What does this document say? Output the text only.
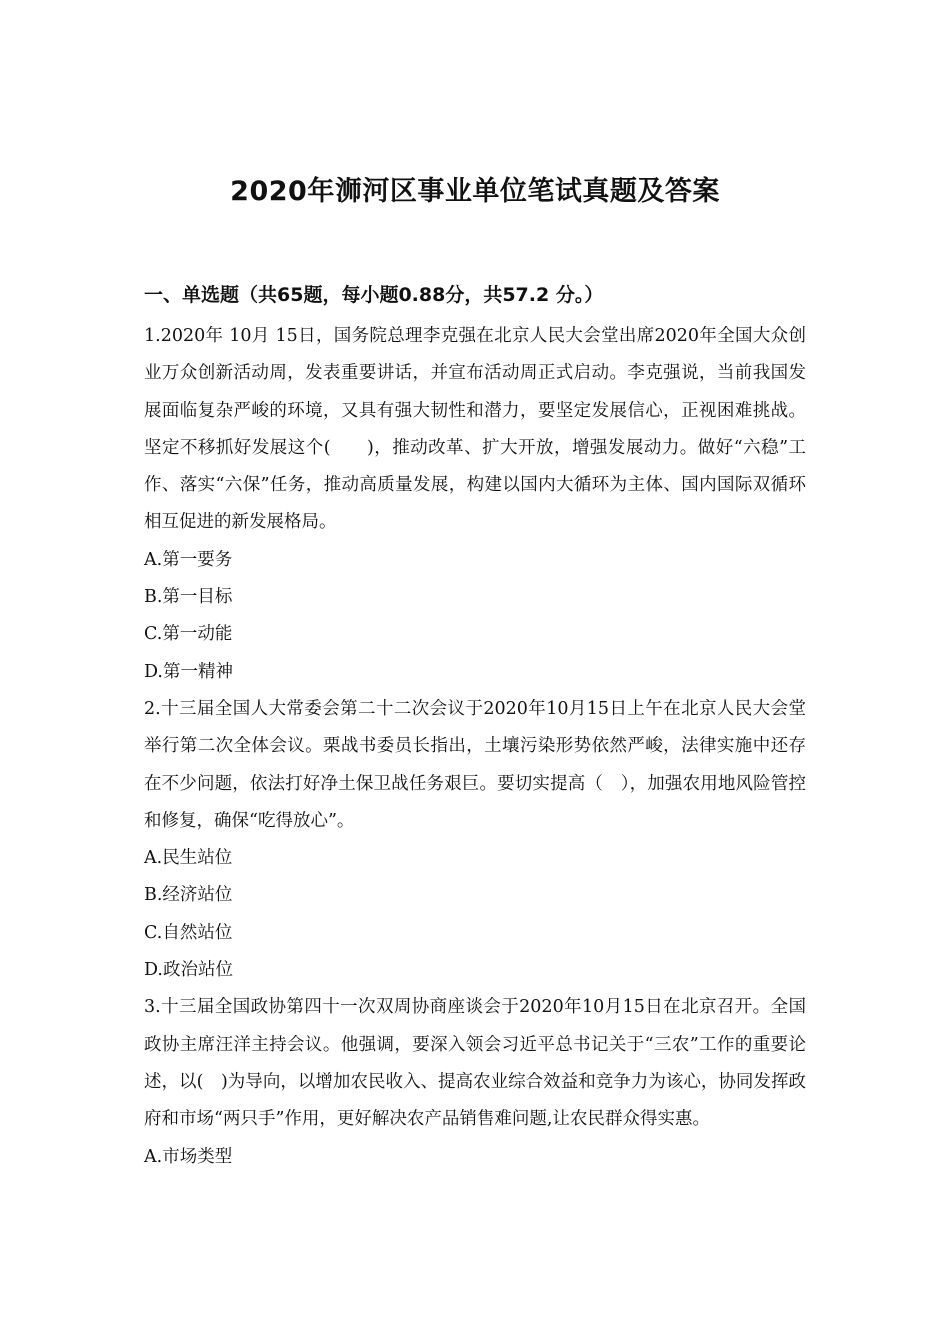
2020年浉河区事业单位笔试真题及答案
一、单选题（共65题，每小题0.88分，共57.2 分。）

1.2020年 10月 15日，国务院总理李克强在北京人民大会堂出席2020年全国大众创业万众创新活动周，发表重要讲话，并宣布活动周正式启动。李克强说，当前我国发展面临复杂严峻的环境，又具有强大韧性和潜力，要坚定发展信心，正视困难挑战。坚定不移抓好发展这个(　　)，推动改革、扩大开放，增强发展动力。做好“六稳”工作、落实“六保”任务，推动高质量发展，构建以国内大循环为主体、国内国际双循环相互促进的新发展格局。

A.第一要务

B.第一目标

C.第一动能

D.第一精神

2.十三届全国人大常委会第二十二次会议于2020年10月15日上午在北京人民大会堂举行第二次全体会议。栗战书委员长指出，土壤污染形势依然严峻，法律实施中还存在不少问题，依法打好净土保卫战任务艰巨。要切实提高（　），加强农用地风险管控和修复，确保“吃得放心”。

A.民生站位

B.经济站位

C.自然站位

D.政治站位

3.十三届全国政协第四十一次双周协商座谈会于2020年10月15日在北京召开。全国政协主席汪洋主持会议。他强调，要深入领会习近平总书记关于“三农”工作的重要论述，以(　)为导向，以增加农民收入、提高农业综合效益和竞争力为该心，协同发挥政府和市场“两只手”作用，更好解决农产品销售难问题,让农民群众得实惠。

A.市场类型
